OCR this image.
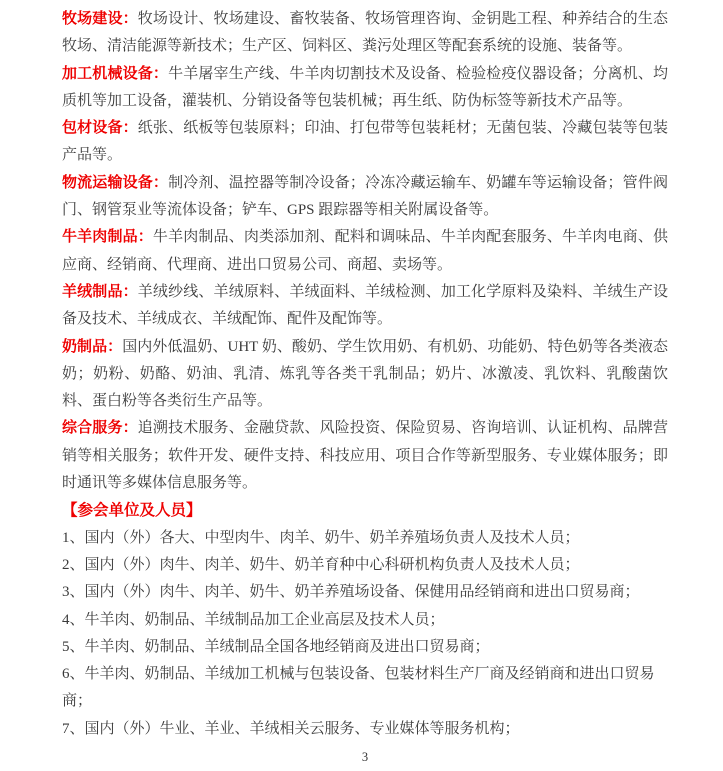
牧场建设：牧场设计、牧场建设、畜牧装备、牧场管理咨询、金钥匙工程、种养结合的生态牧场、清洁能源等新技术；生产区、饲料区、粪污处理区等配套系统的设施、装备等。

加工机械设备：牛羊屠宰生产线、牛羊肉切割技术及设备、检验检疫仪器设备；分离机、均质机等加工设备，灌装机、分销设备等包装机械；再生纸、防伪标签等新技术产品等。

包材设备：纸张、纸板等包装原料；印油、打包带等包装耗材；无菌包装、冷藏包装等包装产品等。

物流运输设备：制冷剂、温控器等制冷设备；冷冻冷藏运输车、奶罐车等运输设备；管件阀门、钢管泵业等流体设备；铲车、GPS 跟踪器等相关附属设备等。

牛羊肉制品：牛羊肉制品、肉类添加剂、配料和调味品、牛羊肉配套服务、牛羊肉电商、供应商、经销商、代理商、进出口贸易公司、商超、卖场等。

羊绒制品：羊绒纱线、羊绒原料、羊绒面料、羊绒检测、加工化学原料及染料、羊绒生产设备及技术、羊绒成衣、羊绒配饰、配件及配饰等。

奶制品：国内外低温奶、UHT 奶、酸奶、学生饮用奶、有机奶、功能奶、特色奶等各类液态奶；奶粉、奶酪、奶油、乳清、炼乳等各类干乳制品；奶片、冰激凌、乳饮料、乳酸菌饮料、蛋白粉等各类衍生产品等。

综合服务：追溯技术服务、金融贷款、风险投资、保险贸易、咨询培训、认证机构、品牌营销等相关服务；软件开发、硬件支持、科技应用、项目合作等新型服务、专业媒体服务；即时通讯等多媒体信息服务等。

【参会单位及人员】

1、国内（外）各大、中型肉牛、肉羊、奶牛、奶羊养殖场负责人及技术人员；

2、国内（外）肉牛、肉羊、奶牛、奶羊育种中心科研机构负责人及技术人员；

3、国内（外）肉牛、肉羊、奶牛、奶羊养殖场设备、保健用品经销商和进出口贸易商；

4、牛羊肉、奶制品、羊绒制品加工企业高层及技术人员；

5、牛羊肉、奶制品、羊绒制品全国各地经销商及进出口贸易商；

6、牛羊肉、奶制品、羊绒加工机械与包装设备、包装材料生产厂商及经销商和进出口贸易商；

7、国内（外）牛业、羊业、羊绒相关云服务、专业媒体等服务机构；

3
